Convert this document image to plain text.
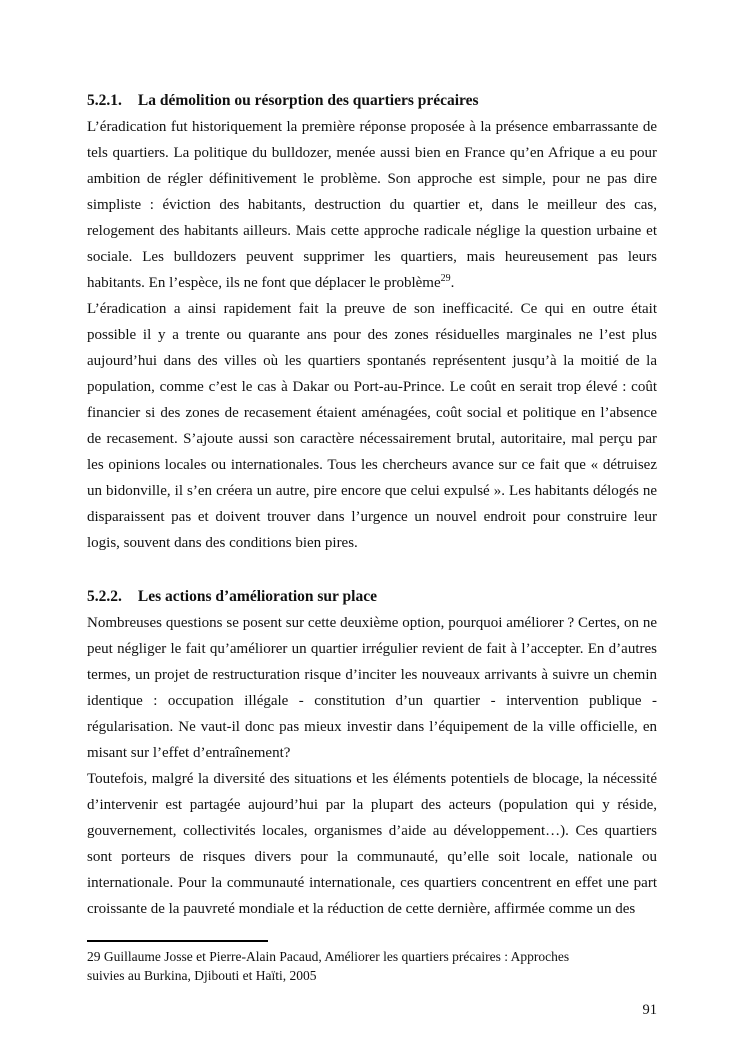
5.2.1. La démolition ou résorption des quartiers précaires

L’éradication fut historiquement la première réponse proposée à la présence embarrassante de tels quartiers. La politique du bulldozer, menée aussi bien en France qu’en Afrique a eu pour ambition de régler définitivement le problème. Son approche est simple, pour ne pas dire simpliste : éviction des habitants, destruction du quartier et, dans le meilleur des cas, relogement des habitants ailleurs. Mais cette approche radicale néglige la question urbaine et sociale. Les bulldozers peuvent supprimer les quartiers, mais heureusement pas leurs habitants. En l’espèce, ils ne font que déplacer le problème$^{29}$.

L’éradication a ainsi rapidement fait la preuve de son inefficacité. Ce qui en outre était possible il y a trente ou quarante ans pour des zones résiduelles marginales ne l’est plus aujourd’hui dans des villes où les quartiers spontanés représentent jusqu’à la moitié de la population, comme c’est le cas à Dakar ou Port-au-Prince. Le coût en serait trop élevé : coût financier si des zones de recasement étaient aménagées, coût social et politique en l’absence de recasement. S’ajoute aussi son caractère nécessairement brutal, autoritaire, mal perçu par les opinions locales ou internationales. Tous les chercheurs avance sur ce fait que « détruisez un bidonville, il s’en créera un autre, pire encore que celui expulsé ». Les habitants délogés ne disparaissent pas et doivent trouver dans l’urgence un nouvel endroit pour construire leur logis, souvent dans des conditions bien pires.

5.2.2. Les actions d’amélioration sur place

Nombreuses questions se posent sur cette deuxième option, pourquoi améliorer ? Certes, on ne peut négliger le fait qu’améliorer un quartier irrégulier revient de fait à l’accepter. En d’autres termes, un projet de restructuration risque d’inciter les nouveaux arrivants à suivre un chemin identique : occupation illégale - constitution d’un quartier - intervention publique - régularisation. Ne vaut-il donc pas mieux investir dans l’équipement de la ville officielle, en misant sur l’effet d’entraînement?

Toutefois, malgré la diversité des situations et les éléments potentiels de blocage, la nécessité d’intervenir est partagée aujourd’hui par la plupart des acteurs (population qui y réside, gouvernement, collectivités locales, organismes d’aide au développement…). Ces quartiers sont porteurs de risques divers pour la communauté, qu’elle soit locale, nationale ou internationale. Pour la communauté internationale, ces quartiers concentrent en effet une part croissante de la pauvreté mondiale et la réduction de cette dernière, affirmée comme un des

29 Guillaume Josse et Pierre-Alain Pacaud, Améliorer les quartiers précaires : Approches
suivies au Burkina, Djibouti et Haïti, 2005
91
